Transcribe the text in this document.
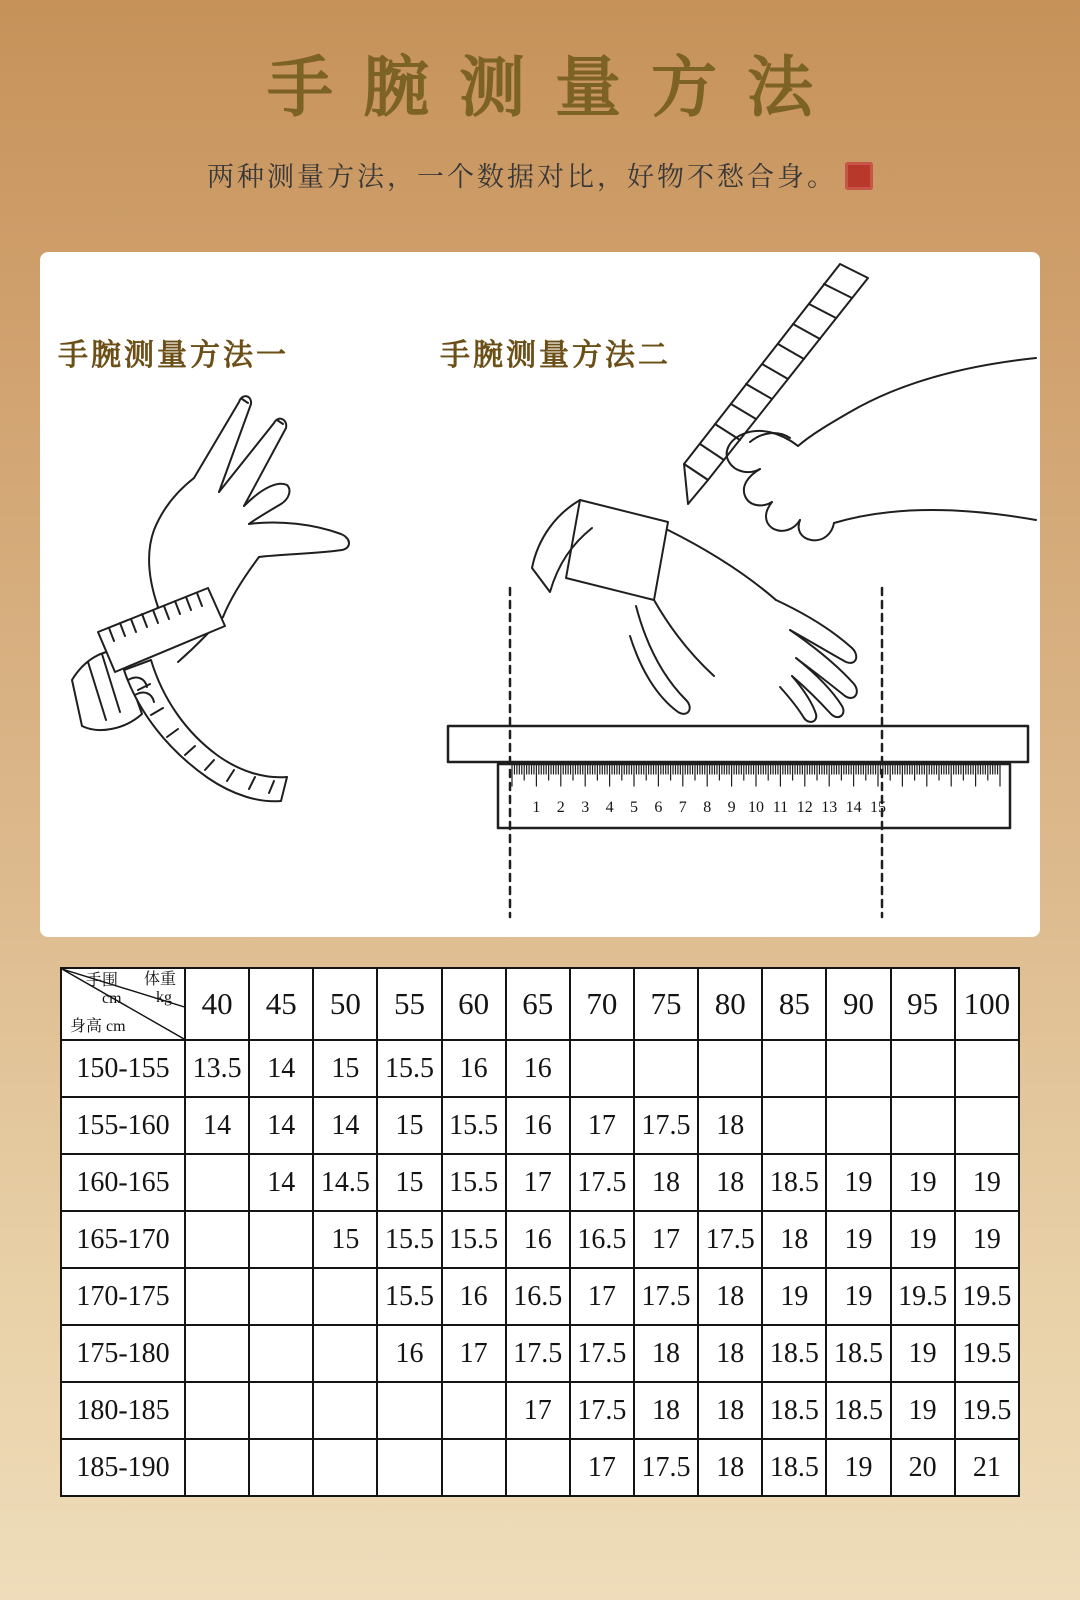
手腕测量方法
两种测量方法，一个数据对比，好物不愁合身。
手腕测量方法一	手腕测量方法二
1 2 3 4 5 6 7 8 9 10 11 12 13 14 15
体重
kg
手围
cm
身高 cm	40	45	50	55	60	65	70	75	80	85	90	95	100
150-155	13.5	14	15	15.5	16	16							
155-160	14	14	14	15	15.5	16	17	17.5	18				
160-165		14	14.5	15	15.5	17	17.5	18	18	18.5	19	19	19
165-170			15	15.5	15.5	16	16.5	17	17.5	18	19	19	19
170-175				15.5	16	16.5	17	17.5	18	19	19	19.5	19.5
175-180				16	17	17.5	17.5	18	18	18.5	18.5	19	19.5
180-185						17	17.5	18	18	18.5	18.5	19	19.5
185-190							17	17.5	18	18.5	19	20	21
